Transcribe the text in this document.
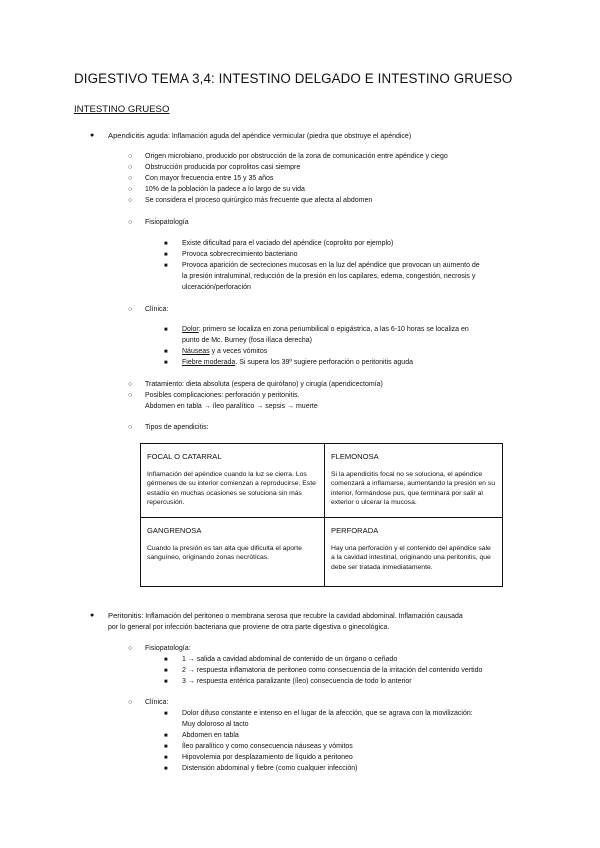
DIGESTIVO TEMA 3,4: INTESTINO DELGADO E INTESTINO GRUESO
INTESTINO GRUESO
● Apendicitis aguda: Inflamación aguda del apéndice vermicular (piedra que obstruye el apéndice)
○ Origen microbiano, producido por obstrucción de la zona de comunicación entre apéndice y ciego
○ Obstrucción producida por coprolitos casi siempre
○ Con mayor frecuencia entre 15 y 35 años
○ 10% de la población la padece a lo largo de su vida
○ Se considera el proceso quirúrgico más frecuente que afecta al abdomen
○ Fisiopatología
■ Existe dificultad para el vaciado del apéndice (coprolito por ejemplo)
■ Provoca sobrecrecimiento bacteriano
■ Provoca aparición de secreciones mucosas en la luz del apéndice que provocan un aumento de
la presión intraluminal, reducción de la presión en los capilares, edema, congestión, necrosis y
ulceración/perforación
○ Clínica:
■ Dolor: primero se localiza en zona periumbilical o epigástrica, a las 6-10 horas se localiza en
punto de Mc. Burney (fosa ilíaca derecha)
■ Náuseas y a veces vómitos
■ Fiebre moderada. Si supera los 39º sugiere perforación o peritonitis aguda
○ Tratamiento: dieta absoluta (espera de quirófano) y cirugía (apendicectomía)
○ Posibles complicaciones: perforación y peritonitis.
Abdomen en tabla → íleo paralítico → sepsis → muerte
○ Tipos de apendicitis:
FOCAL O CATARRAL
Inflamación del apéndice cuando la luz se cierra. Los gérmenes de su interior comienzan a reproducirse. Este estadío en muchas ocasiones se soluciona sin más repercusión.
FLEMONOSA
Si la apendicitis focal no se soluciona, el apéndice comenzará a inflamarse, aumentando la presión en su interior, formándose pus, que terminará por salir al exterior o ulcerar la mucosa.
GANGRENOSA
Cuando la presión es tan alta que dificulta el aporte sanguíneo, originando zonas necróticas.
PERFORADA
Hay una perforación y el contenido del apéndice sale a la cavidad intestinal, originando una peritonitis, que debe ser tratada inmediatamente.
● Peritonitis: Inflamación del peritoneo o membrana serosa que recubre la cavidad abdominal. Inflamación causada
por lo general por infección bacteriana que proviene de otra parte digestiva o ginecológica.
○ Fisiopatología:
■ 1 → salida a cavidad abdominal de contenido de un órgano o ceñado
■ 2 → respuesta inflamatoria de peritoneo como consecuencia de la irritación del contenido vertido
■ 3 → respuesta entérica paralizante (íleo) consecuencia de todo lo anterior
○ Clínica:
■ Dolor difuso constante e intenso en el lugar de la afección, que se agrava con la movilización:
Muy doloroso al tacto
■ Abdomen en tabla
■ Íleo paralítico y como consecuencia náuseas y vómitos
■ Hipovolemia por desplazamiento de líquido a peritoneo
■ Distensión abdominal y fiebre (como cualquier infección)
